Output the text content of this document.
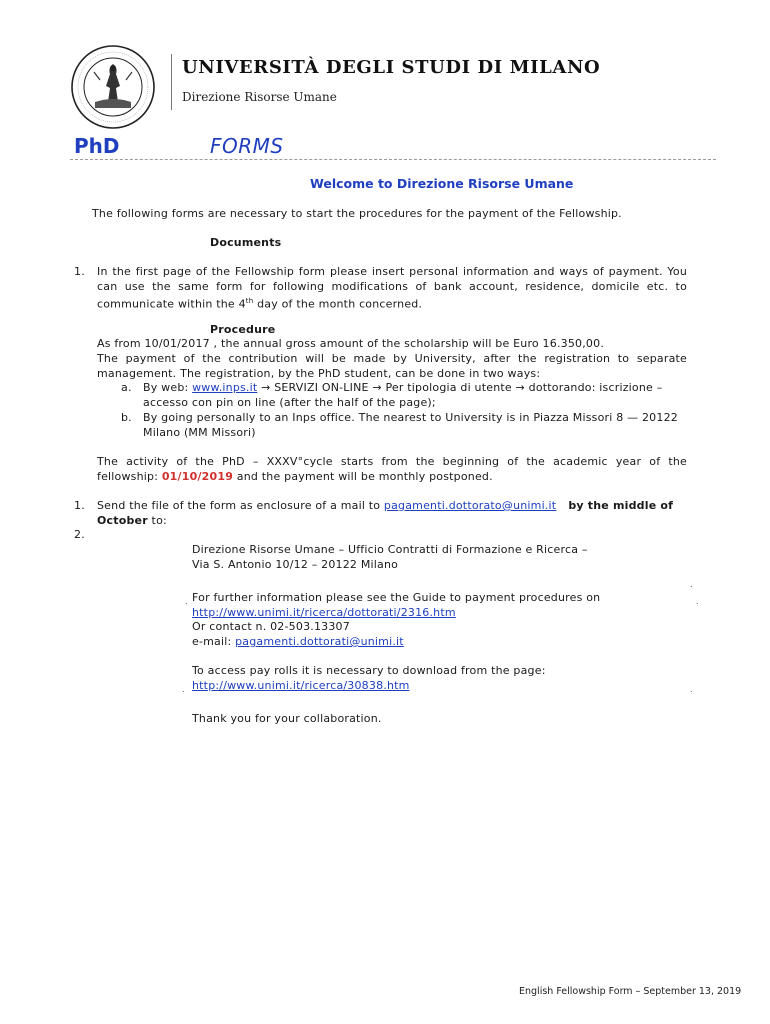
UNIVERSITÀ DEGLI STUDI DI MILANO
Direzione Risorse Umane
PhD	FORMS
Welcome to Direzione Risorse Umane
The following forms are necessary to start the procedures for the payment of the Fellowship.
Documents
1. In the first page of the Fellowship form please insert personal information and ways of payment. You
can use the same form for following modifications of bank account, residence, domicile etc. to
communicate within the 4th day of the month concerned.
Procedure
As from 10/01/2017 , the annual gross amount of the scholarship will be Euro 16.350,00.
The payment of the contribution will be made by University, after the registration to separate
management. The registration, by the PhD student, can be done in two ways:
a. By web: www.inps.it → SERVIZI ON-LINE → Per tipologia di utente → dottorando: iscrizione –
accesso con pin on line (after the half of the page);
b. By going personally to an Inps office. The nearest to University is in Piazza Missori 8 — 20122
Milano (MM Missori)
The activity of the PhD – XXXV°cycle starts from the beginning of the academic year of the
fellowship: 01/10/2019 and the payment will be monthly postponed.
1. Send the file of the form as enclosure of a mail to pagamenti.dottorato@unimi.it by the middle of
October to:
2.
Direzione Risorse Umane – Ufficio Contratti di Formazione e Ricerca –
Via S. Antonio 10/12 – 20122 Milano
For further information please see the Guide to payment procedures on
http://www.unimi.it/ricerca/dottorati/2316.htm
Or contact n. 02-503.13307
e-mail: pagamenti.dottorati@unimi.it
To access pay rolls it is necessary to download from the page:
http://www.unimi.it/ricerca/30838.htm
Thank you for your collaboration.
.
.
.
.	.
English Fellowship Form – September 13, 2019
